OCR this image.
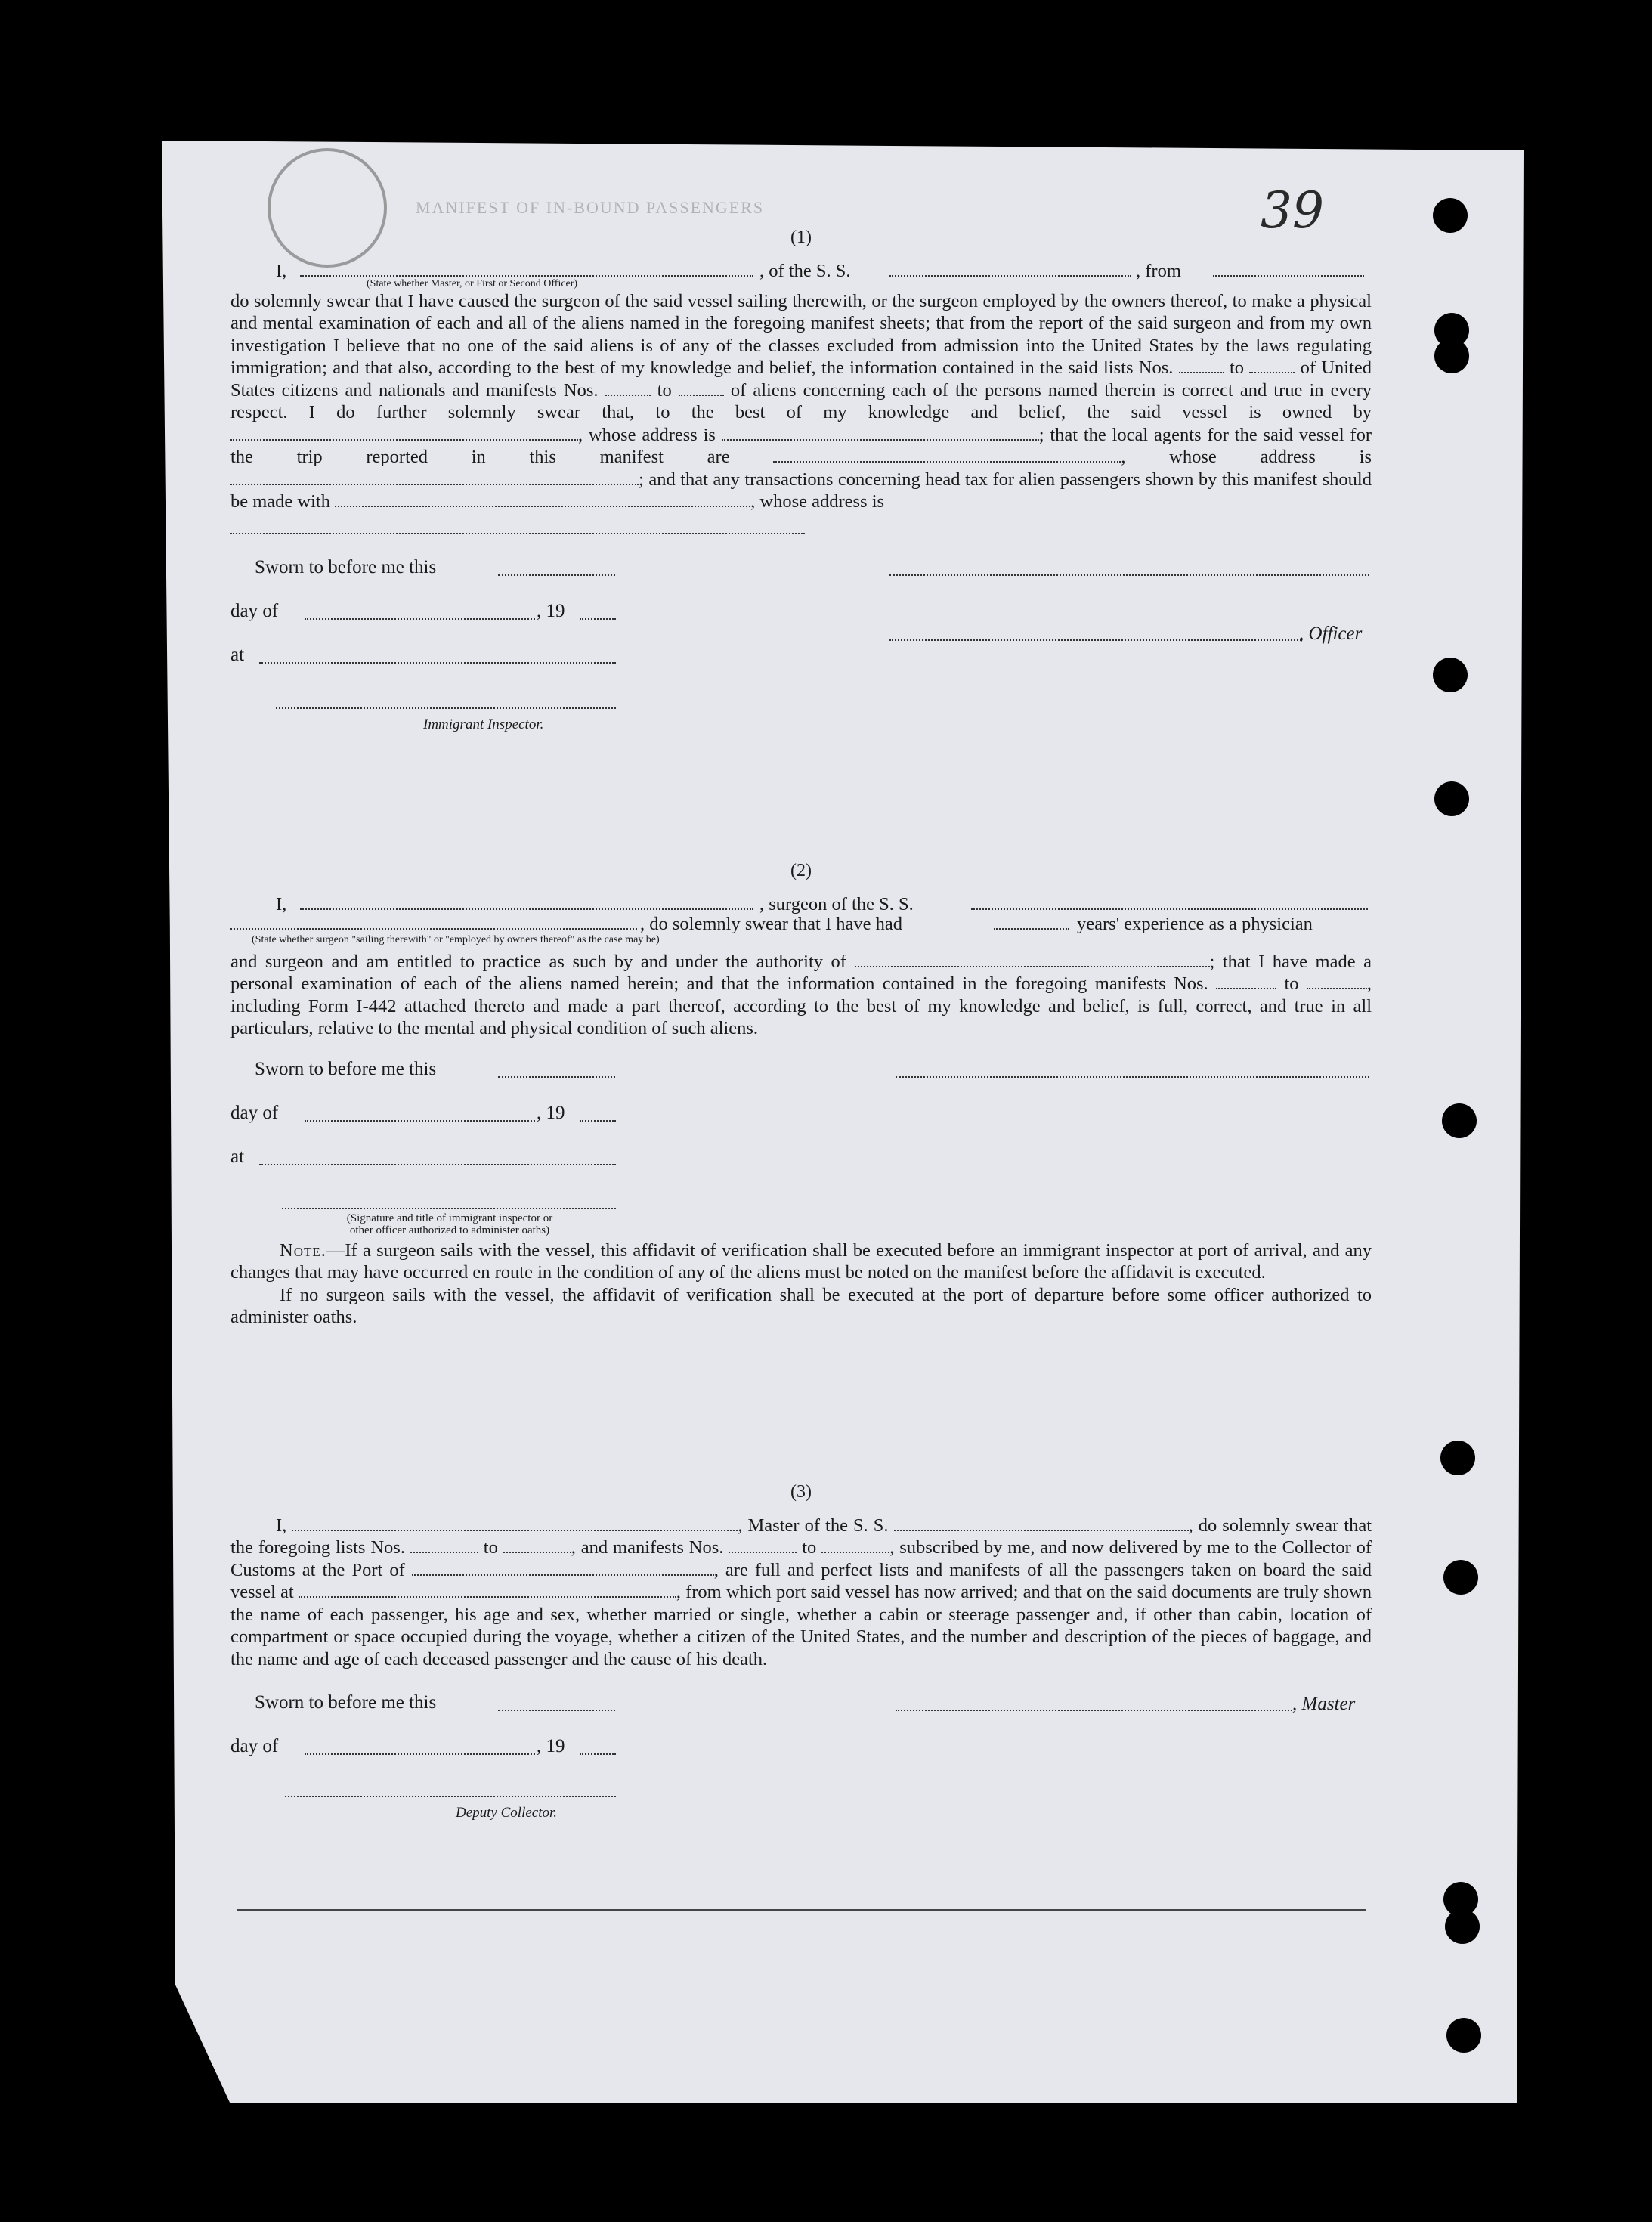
MANIFEST OF IN-BOUND PASSENGERS	39
(1)
I,	, of the S. S.	, from
(State whether Master, or First or Second Officer)

do solemnly swear that I have caused the surgeon of the said vessel sailing therewith, or the surgeon employed by the owners thereof, to make a physical and mental examination of each and all of the aliens named in the foregoing manifest sheets; that from the report of the said surgeon and from my own investigation I believe that no one of the said aliens is of any of the classes excluded from admission into the United States by the laws regulating immigration; and that also, according to the best of my knowledge and belief, the information contained in the said lists Nos.	to	of United States citizens and nationals and manifests Nos.	to	of aliens concerning each of the persons named therein is correct and true in every respect. I do further solemnly swear that, to the best of my knowledge and belief, the said vessel is owned by , whose address is	; that the local agents for the said vessel for the trip reported in this manifest are	, whose address is ; and that any transactions concerning head tax for alien passengers shown by this manifest should be made with	, whose address is

Sworn to before me this
day of	, 19
at
Immigrant Inspector.
, Officer
(2)
I,	, surgeon of the S. S.
, do solemnly swear that I have had	years' experience as a physician
(State whether surgeon "sailing therewith" or "employed by owners thereof" as the case may be)

and surgeon and am entitled to practice as such by and under the authority of	; that I have made a personal examination of each of the aliens named herein; and that the information contained in the foregoing manifests Nos.	to	, including Form I-442 attached thereto and made a part thereof, according to the best of my knowledge and belief, is full, correct, and true in all particulars, relative to the mental and physical condition of such aliens.

Sworn to before me this
day of	, 19
at
(Signature and title of immigrant inspector or
other officer authorized to administer oaths)

Note.—If a surgeon sails with the vessel, this affidavit of verification shall be executed before an immigrant inspector at port of arrival, and any changes that may have occurred en route in the condition of any of the aliens must be noted on the manifest before the affidavit is executed.

If no surgeon sails with the vessel, the affidavit of verification shall be executed at the port of departure before some officer authorized to administer oaths.

(3)

I,	, Master of the S. S.	, do solemnly swear that the foregoing lists Nos.	to	, and manifests Nos.	to	, subscribed by me, and now delivered by me to the Collector of Customs at the Port of	, are full and perfect lists and manifests of all the passengers taken on board the said vessel at	, from which port said vessel has now arrived; and that on the said documents are truly shown the name of each passenger, his age and sex, whether married or single, whether a cabin or steerage passenger and, if other than cabin, location of compartment or space occupied during the voyage, whether a citizen of the United States, and the number and description of the pieces of baggage, and the name and age of each deceased passenger and the cause of his death.

Sworn to before me this
day of	, 19
Deputy Collector.
, Master
